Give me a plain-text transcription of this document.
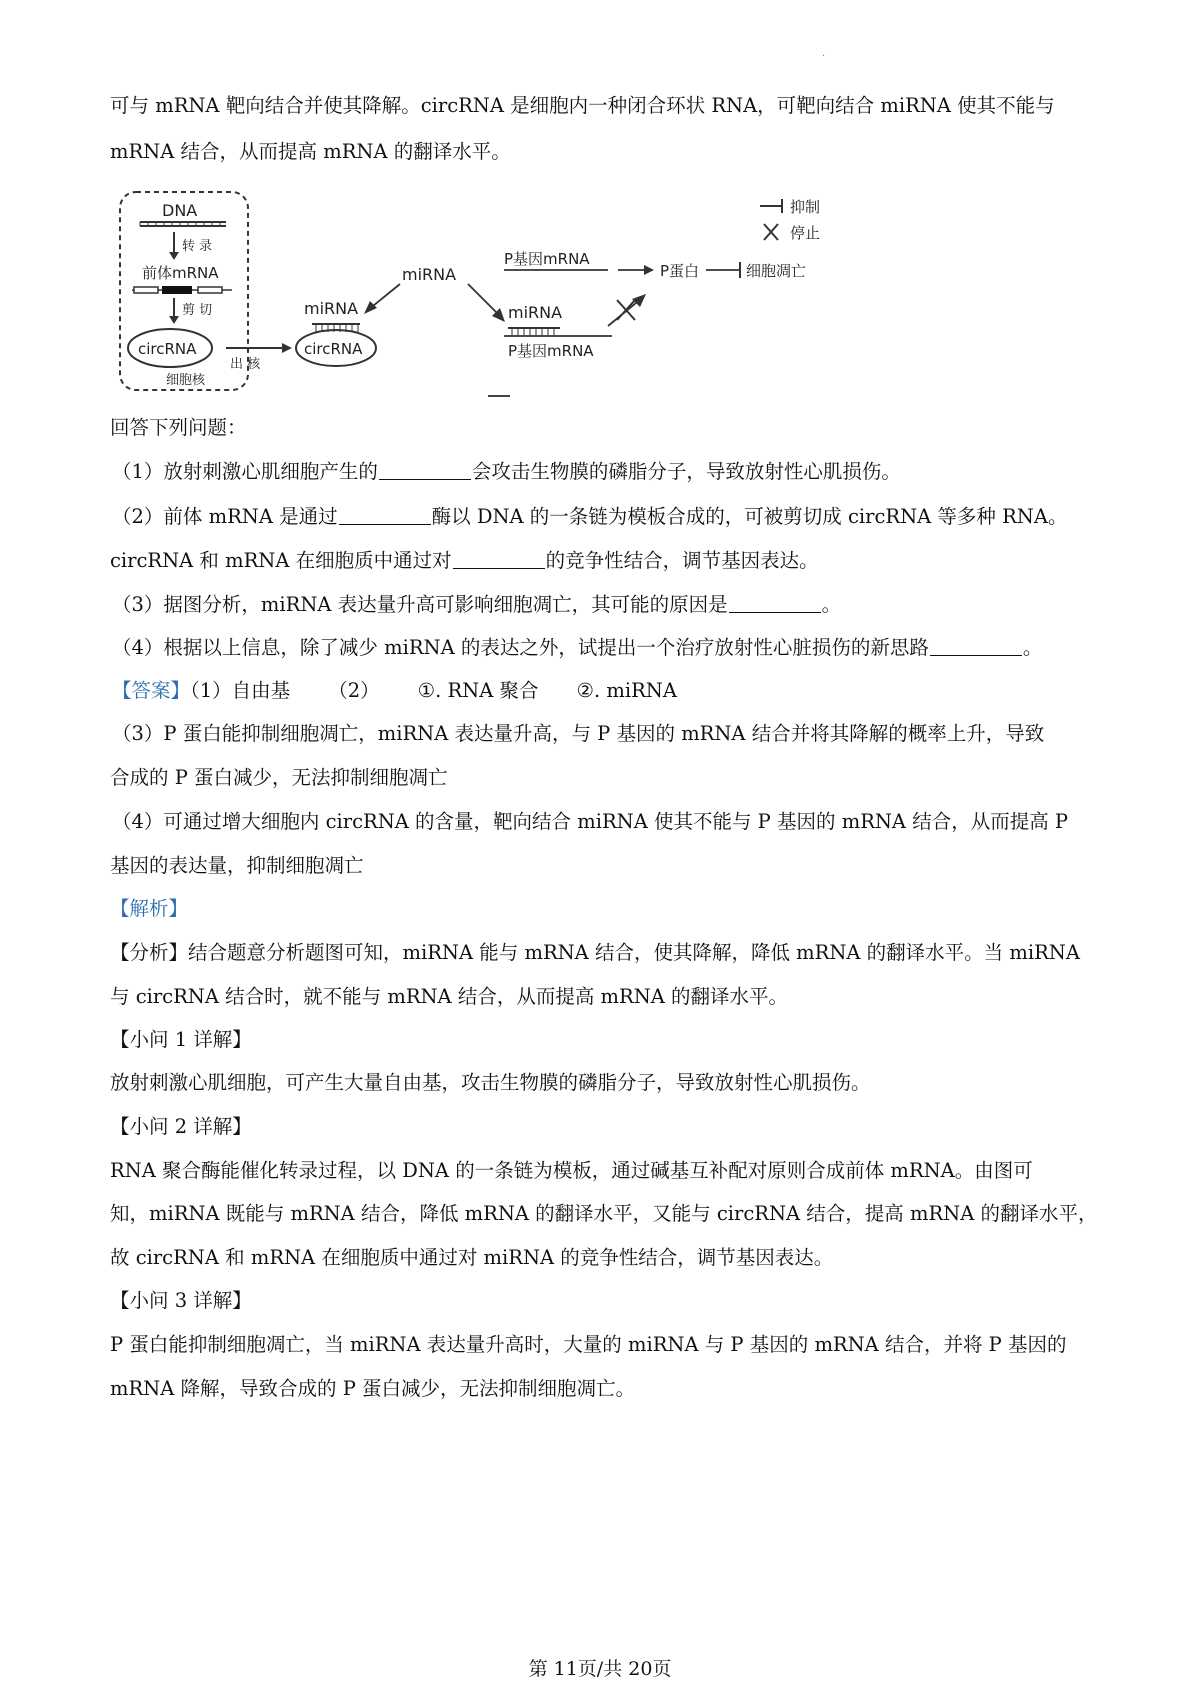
.
可与 mRNA 靶向结合并使其降解。circRNA 是细胞内一种闭合环状 RNA，可靶向结合 miRNA 使其不能与
mRNA 结合，从而提高 mRNA 的翻译水平。
DNA
转 录
前体mRNA
剪 切
circRNA
细胞核
出 核
miRNA
circRNA
miRNA
P基因mRNA
P蛋白	细胞凋亡
miRNA
P基因mRNA
抑制
停止
回答下列问题：
（1）放射刺激心肌细胞产生的	会攻击生物膜的磷脂分子，导致放射性心肌损伤。
（2）前体 mRNA 是通过	酶以 DNA 的一条链为模板合成的，可被剪切成 circRNA 等多种 RNA。
circRNA 和 mRNA 在细胞质中通过对	的竞争性结合，调节基因表达。
（3）据图分析，miRNA 表达量升高可影响细胞凋亡，其可能的原因是	。
（4）根据以上信息，除了减少 miRNA 的表达之外，试提出一个治疗放射性心脏损伤的新思路	。
【答案】（1）自由基 （2） ①. RNA 聚合 ②. miRNA
（3）P 蛋白能抑制细胞凋亡，miRNA 表达量升高，与 P 基因的 mRNA 结合并将其降解的概率上升，导致
合成的 P 蛋白减少，无法抑制细胞凋亡
（4）可通过增大细胞内 circRNA 的含量，靶向结合 miRNA 使其不能与 P 基因的 mRNA 结合，从而提高 P
基因的表达量，抑制细胞凋亡
【解析】
【分析】结合题意分析题图可知，miRNA 能与 mRNA 结合，使其降解，降低 mRNA 的翻译水平。当 miRNA
与 circRNA 结合时，就不能与 mRNA 结合，从而提高 mRNA 的翻译水平。
【小问 1 详解】
放射刺激心肌细胞，可产生大量自由基，攻击生物膜的磷脂分子，导致放射性心肌损伤。
【小问 2 详解】
RNA 聚合酶能催化转录过程，以 DNA 的一条链为模板，通过碱基互补配对原则合成前体 mRNA。由图可
知，miRNA 既能与 mRNA 结合，降低 mRNA 的翻译水平，又能与 circRNA 结合，提高 mRNA 的翻译水平，
故 circRNA 和 mRNA 在细胞质中通过对 miRNA 的竞争性结合，调节基因表达。
【小问 3 详解】
P 蛋白能抑制细胞凋亡，当 miRNA 表达量升高时，大量的 miRNA 与 P 基因的 mRNA 结合，并将 P 基因的
mRNA 降解，导致合成的 P 蛋白减少，无法抑制细胞凋亡。
第 11页/共 20页
